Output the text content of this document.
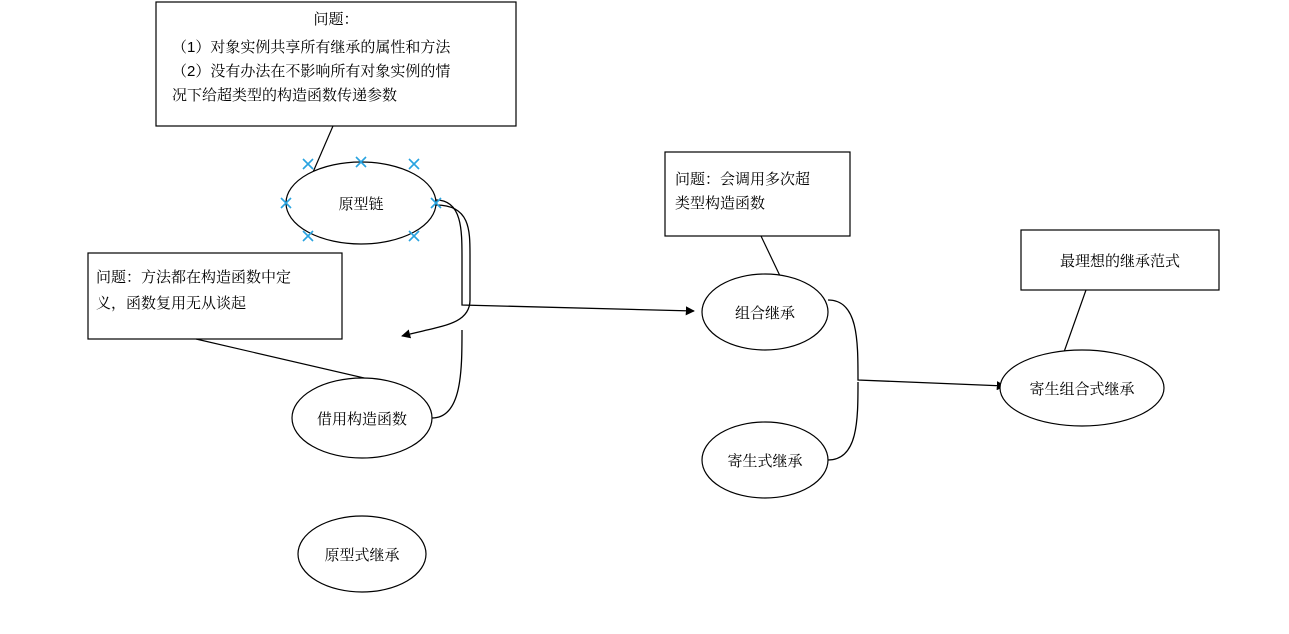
问题：
（1）对象实例共享所有继承的属性和方法
（2）没有办法在不影响所有对象实例的情
况下给超类型的构造函数传递参数
问题：方法都在构造函数中定
义，函数复用无从谈起
问题：会调用多次超
类型构造函数
最理想的继承范式
原型链
借用构造函数
原型式继承
组合继承
寄生式继承
寄生组合式继承
